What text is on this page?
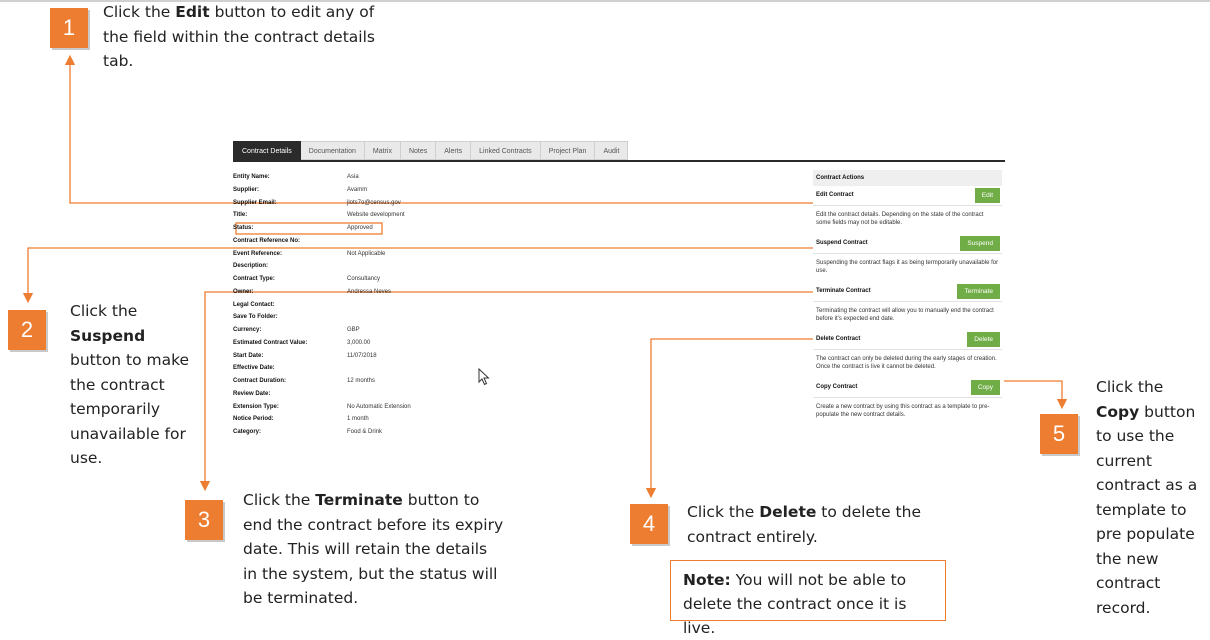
Contract Details	Documentation	Matrix	Notes	Alerts	Linked Contracts	Project Plan	Audit
Entity Name:	Asia
Supplier:	Avamm
Supplier Email:	jlots7o@census.gov
Title:	Website development
Status:	Approved
Contract Reference No:
Event Reference:	Not Applicable
Description:
Contract Type:	Consultancy
Owner:	Andressa Neves
Legal Contact:
Save To Folder:
Currency:	GBP
Estimated Contract Value:	3,000.00
Start Date:	11/07/2018
Effective Date:
Contract Duration:	12 months
Review Date:
Extension Type:	No Automatic Extension
Notice Period:	1 month
Category:	Food & Drink
Contract Actions
Edit Contract	Edit
Edit the contract details. Depending on the state of the contract some fields may not be editable.
Suspend Contract	Suspend
Suspending the contract flags it as being termporarily unavailable for use.
Terminate Contract	Terminate
Terminating the contract will allow you to manually end the contract before it's expected end date.
Delete Contract	Delete
The contract can only be deleted during the early stages of creation. Once the contract is live it cannot be deleted.
Copy Contract	Copy
Create a new contract by using this contract as a template to pre-populate the new contract details.
1
Click the Edit button to edit any of the field within the contract details tab.
2
Click the Suspend button to make the contract temporarily unavailable for use.
3
Click the Terminate button to end the contract before its expiry date. This will retain the details in the system, but the status will be terminated.
4	Click the Delete to delete the contract entirely.
Note: You will not be able to delete the contract once it is live.
5
Click the Copy button to use the current contract as a template to pre populate the new contract record.
